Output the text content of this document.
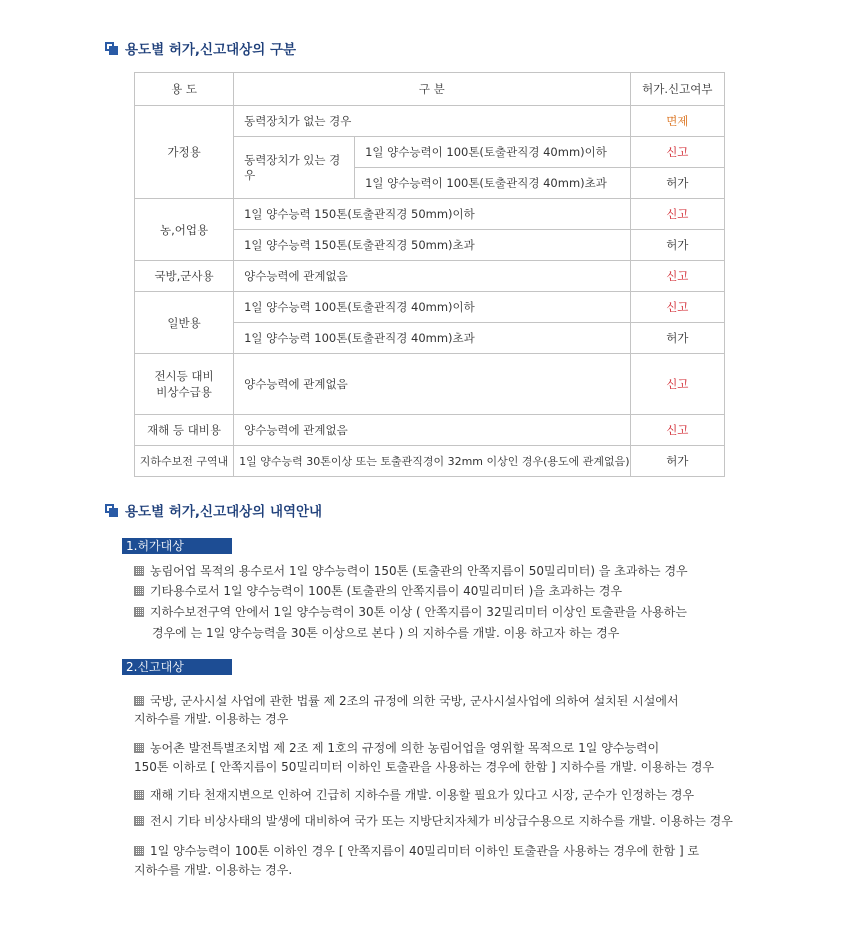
용도별 허가,신고대상의 구분
용 도	구 분		허가.신고여부
가정용	동력장치가 없는 경우		면제
	동력장치가 있는 경우	1일 양수능력이 100톤(토출관직경 40mm)이하	신고
		1일 양수능력이 100톤(토출관직경 40mm)초과	허가
농,어업용	1일 양수능력 150톤(토출관직경 50mm)이하		신고
	1일 양수능력 150톤(토출관직경 50mm)초과		허가
국방,군사용	양수능력에 관계없음		신고
일반용	1일 양수능력 100톤(토출관직경 40mm)이하		신고
	1일 양수능력 100톤(토출관직경 40mm)초과		허가
전시등 대비
비상수급용	양수능력에 관계없음		신고
재해 등 대비용	양수능력에 관계없음		신고
지하수보전 구역내	1일 양수능력 30톤이상 또는 토출관직경이 32mm 이상인 경우(용도에 관계없음)		허가
용도별 허가,신고대상의 내역안내
1.허가대상
농림어업 목적의 용수로서 1일 양수능력이 150톤 (토출관의 안쪽지름이 50밀리미터) 을 초과하는 경우
기타용수로서 1일 양수능력이 100톤 (토출관의 안쪽지름이 40밀리미터 )을 초과하는 경우
지하수보전구역 안에서 1일 양수능력이 30톤 이상 ( 안쪽지름이 32밀리미터 이상인 토출관을 사용하는
경우에 는 1일 양수능력을 30톤 이상으로 본다 ) 의 지하수를 개발. 이용 하고자 하는 경우
2.신고대상
국방, 군사시설 사업에 관한 법률 제 2조의 규정에 의한 국방, 군사시설사업에 의하여 설치된 시설에서
지하수를 개발. 이용하는 경우
농어촌 발전특별조치법 제 2조 제 1호의 규정에 의한 농림어업을 영위할 목적으로 1일 양수능력이
150톤 이하로 [ 안쪽지름이 50밀리미터 이하인 토출관을 사용하는 경우에 한함 ] 지하수를 개발. 이용하는 경우
재해 기타 천재지변으로 인하여 긴급히 지하수를 개발. 이용할 필요가 있다고 시장, 군수가 인정하는 경우
전시 기타 비상사태의 발생에 대비하여 국가 또는 지방단치자체가 비상급수용으로 지하수를 개발. 이용하는 경우
1일 양수능력이 100톤 이하인 경우 [ 안쪽지름이 40밀리미터 이하인 토출관을 사용하는 경우에 한함 ] 로
지하수를 개발. 이용하는 경우.
